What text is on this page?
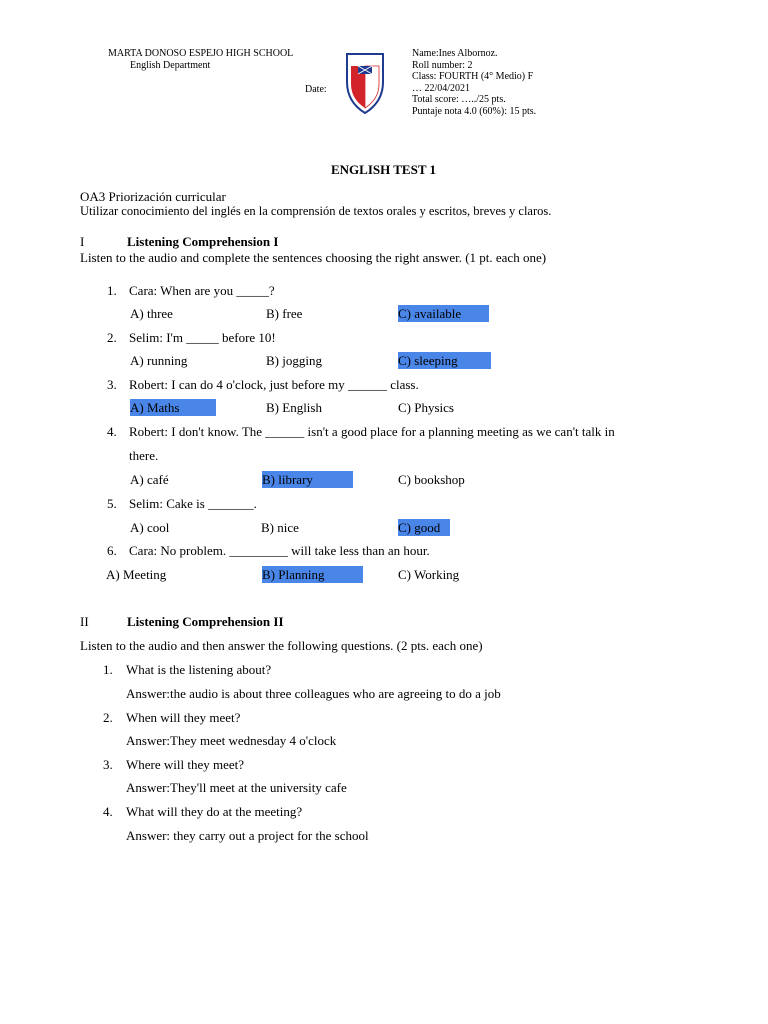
MARTA DONOSO ESPEJO HIGH SCHOOL
English Department
Date:
Name:Ines Albornoz.
Roll number: 2
Class: FOURTH (4° Medio) F
… 22/04/2021
Total score: …../25 pts.
Puntaje nota 4.0 (60%): 15 pts.
ENGLISH TEST 1
OA3 Priorización curricular
Utilizar conocimiento del inglés en la comprensión de textos orales y escritos, breves y claros.
I	Listening Comprehension I
Listen to the audio and complete the sentences choosing the right answer. (1 pt. each one)
1. Cara: When are you _____?
A) three	B) free	C) available
2. Selim: I'm _____ before 10!
A) running	B) jogging	C) sleeping
3. Robert: I can do 4 o'clock, just before my ______ class.
A) Maths	B) English	C) Physics
4. Robert: I don't know. The ______ isn't a good place for a planning meeting as we can't talk in
there.
A) café	B) library	C) bookshop
5. Selim: Cake is _______.
A) cool	B) nice	C) good
6. Cara: No problem. _________ will take less than an hour.
A) Meeting	B) Planning	C) Working
II	Listening Comprehension II
Listen to the audio and then answer the following questions. (2 pts. each one)
1. What is the listening about?
Answer:the audio is about three colleagues who are agreeing to do a job
2. When will they meet?
Answer:They meet wednesday 4 o'clock
3. Where will they meet?
Answer:They'll meet at the university cafe
4. What will they do at the meeting?
Answer: they carry out a project for the school
